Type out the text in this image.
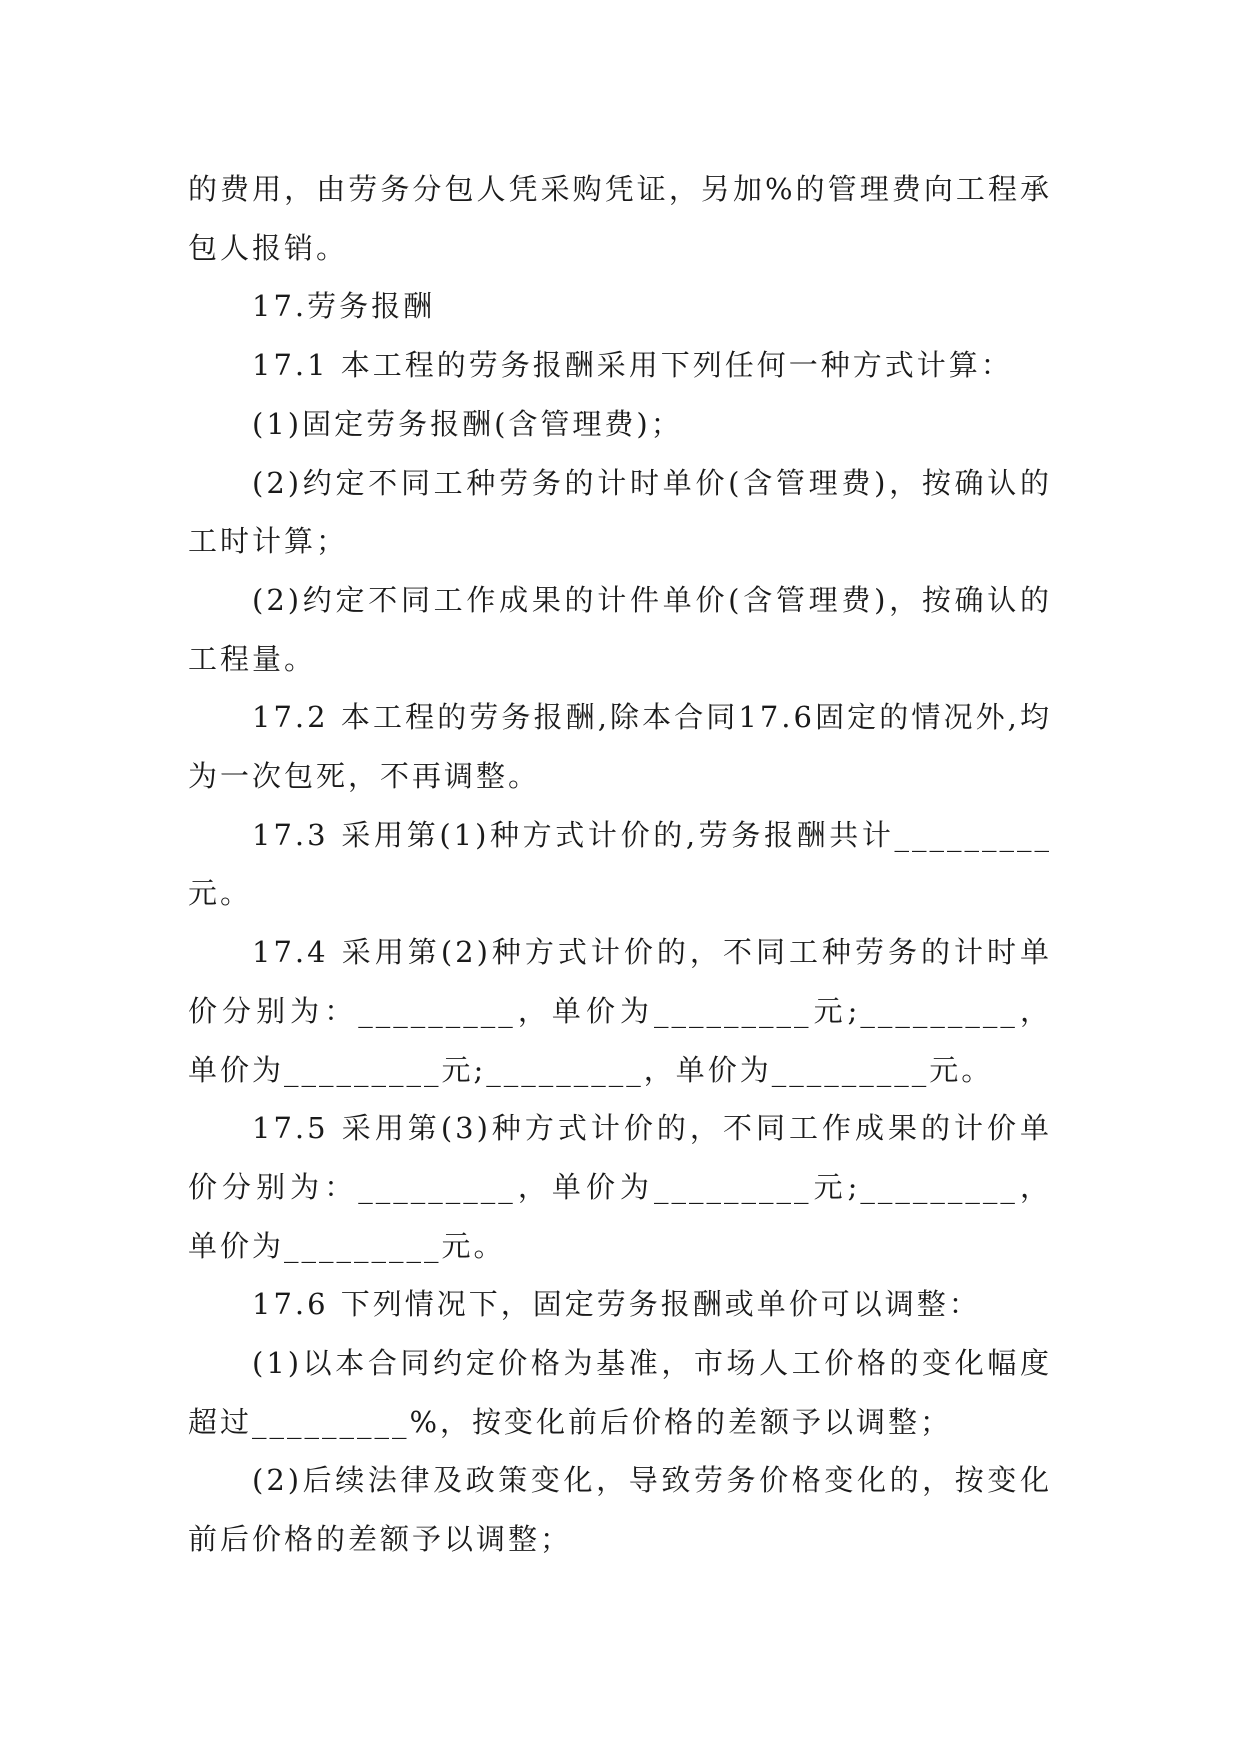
的费用，由劳务分包人凭采购凭证，另加%的管理费向工程承包人报销。

17.劳务报酬

17.1 本工程的劳务报酬采用下列任何一种方式计算：

(1)固定劳务报酬(含管理费)；

(2)约定不同工种劳务的计时单价(含管理费)，按确认的工时计算；

(2)约定不同工作成果的计件单价(含管理费)，按确认的工程量。

17.2 本工程的劳务报酬,除本合同17.6固定的情况外,均为一次包死，不再调整。

17.3 采用第(1)种方式计价的,劳务报酬共计_________元。

17.4 采用第(2)种方式计价的，不同工种劳务的计时单价分别为：_________，单价为_________元;_________，单价为_________元;_________，单价为_________元。

17.5 采用第(3)种方式计价的，不同工作成果的计价单价分别为：_________，单价为_________元;_________，单价为_________元。

17.6 下列情况下，固定劳务报酬或单价可以调整：

(1)以本合同约定价格为基准，市场人工价格的变化幅度超过_________%，按变化前后价格的差额予以调整；

(2)后续法律及政策变化，导致劳务价格变化的，按变化前后价格的差额予以调整；
